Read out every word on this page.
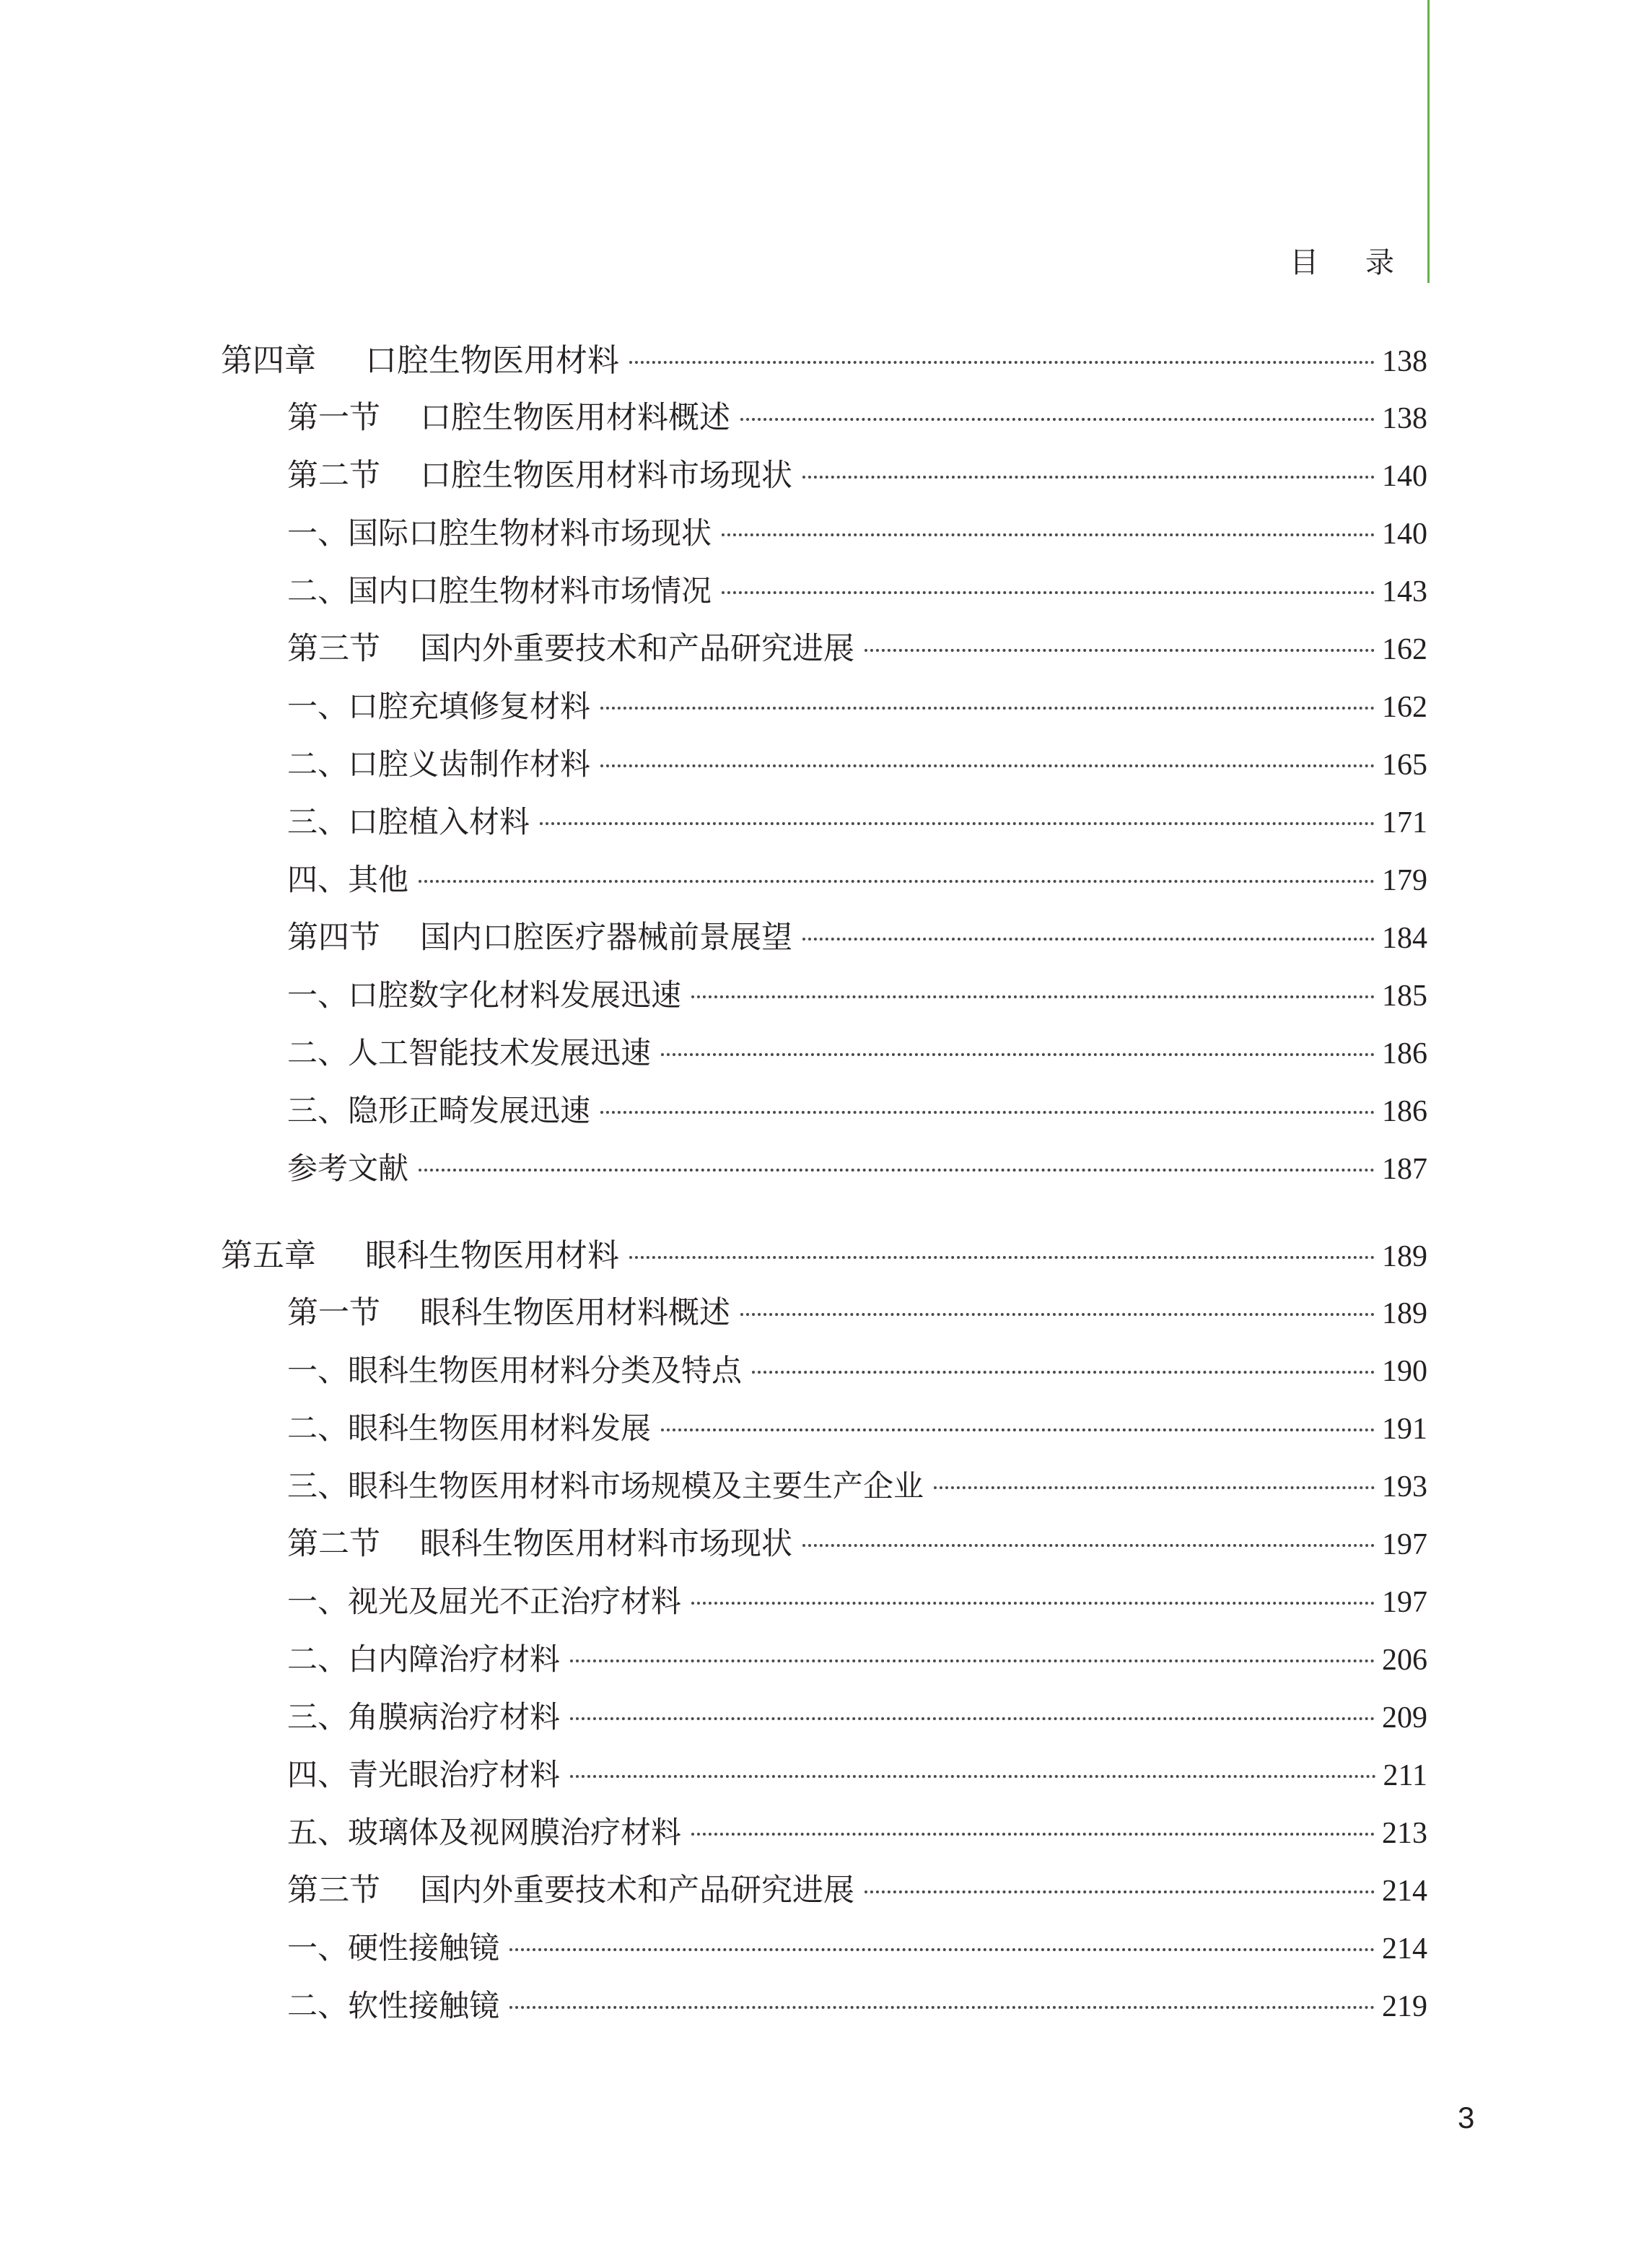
目 录
第四章	口腔生物医用材料	138
第一节	口腔生物医用材料概述	138
第二节	口腔生物医用材料市场现状	140
一、国际口腔生物材料市场现状	140
二、国内口腔生物材料市场情况	143
第三节	国内外重要技术和产品研究进展	162
一、口腔充填修复材料	162
二、口腔义齿制作材料	165
三、口腔植入材料	171
四、其他	179
第四节	国内口腔医疗器械前景展望	184
一、口腔数字化材料发展迅速	185
二、人工智能技术发展迅速	186
三、隐形正畸发展迅速	186
参考文献	187
第五章	眼科生物医用材料	189
第一节	眼科生物医用材料概述	189
一、眼科生物医用材料分类及特点	190
二、眼科生物医用材料发展	191
三、眼科生物医用材料市场规模及主要生产企业	193
第二节	眼科生物医用材料市场现状	197
一、视光及屈光不正治疗材料	197
二、白内障治疗材料	206
三、角膜病治疗材料	209
四、青光眼治疗材料	211
五、玻璃体及视网膜治疗材料	213
第三节	国内外重要技术和产品研究进展	214
一、硬性接触镜	214
二、软性接触镜	219
3
